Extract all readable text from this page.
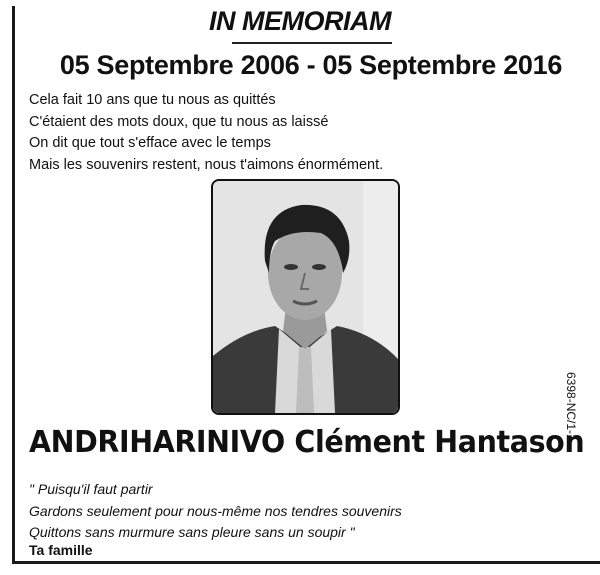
IN MEMORIAM
05 Septembre 2006 - 05 Septembre 2016
Cela fait 10 ans que tu nous as quittés
C'étaient des mots doux, que tu nous as laissé
On dit que tout s'efface avec le temps
Mais les souvenirs restent, nous t'aimons énormément.
ANDRIHARINIVO Clément Hantason
6398-NC/1-1
" Puisqu'il faut partir
Gardons seulement pour nous-même nos tendres souvenirs
Quittons sans murmure sans pleure sans un soupir "
Ta famille
